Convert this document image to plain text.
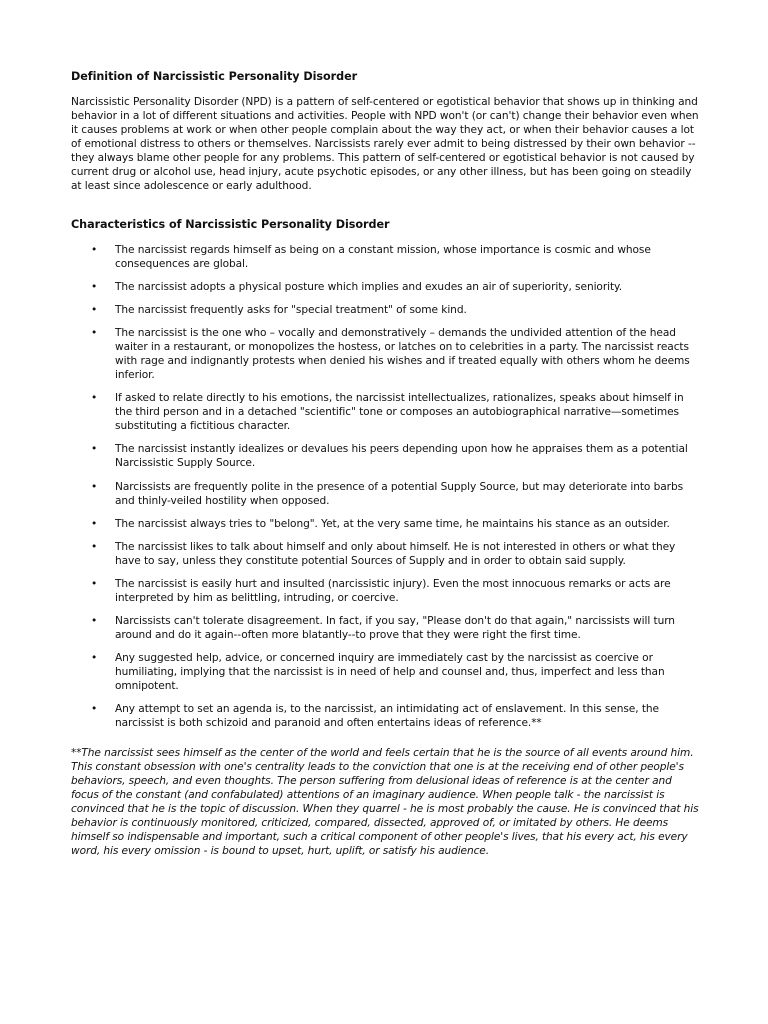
Definition of Narcissistic Personality Disorder

Narcissistic Personality Disorder (NPD) is a pattern of self-centered or egotistical behavior that shows up in thinking and behavior in a lot of different situations and activities. People with NPD won't (or can't) change their behavior even when it causes problems at work or when other people complain about the way they act, or when their behavior causes a lot of emotional distress to others or themselves. Narcissists rarely ever admit to being distressed by their own behavior -- they always blame other people for any problems. This pattern of self-centered or egotistical behavior is not caused by current drug or alcohol use, head injury, acute psychotic episodes, or any other illness, but has been going on steadily at least since adolescence or early adulthood.

Characteristics of Narcissistic Personality Disorder

• The narcissist regards himself as being on a constant mission, whose importance is cosmic and whose consequences are global.
• The narcissist adopts a physical posture which implies and exudes an air of superiority, seniority.
• The narcissist frequently asks for "special treatment" of some kind.
• The narcissist is the one who – vocally and demonstratively – demands the undivided attention of the head waiter in a restaurant, or monopolizes the hostess, or latches on to celebrities in a party. The narcissist reacts with rage and indignantly protests when denied his wishes and if treated equally with others whom he deems inferior.
• If asked to relate directly to his emotions, the narcissist intellectualizes, rationalizes, speaks about himself in the third person and in a detached "scientific" tone or composes an autobiographical narrative—sometimes substituting a fictitious character.
• The narcissist instantly idealizes or devalues his peers depending upon how he appraises them as a potential Narcissistic Supply Source.
• Narcissists are frequently polite in the presence of a potential Supply Source, but may deteriorate into barbs and thinly-veiled hostility when opposed.
• The narcissist always tries to "belong". Yet, at the very same time, he maintains his stance as an outsider.
• The narcissist likes to talk about himself and only about himself. He is not interested in others or what they have to say, unless they constitute potential Sources of Supply and in order to obtain said supply.
• The narcissist is easily hurt and insulted (narcissistic injury). Even the most innocuous remarks or acts are interpreted by him as belittling, intruding, or coercive.
• Narcissists can't tolerate disagreement. In fact, if you say, "Please don't do that again," narcissists will turn around and do it again--often more blatantly--to prove that they were right the first time.
• Any suggested help, advice, or concerned inquiry are immediately cast by the narcissist as coercive or humiliating, implying that the narcissist is in need of help and counsel and, thus, imperfect and less than omnipotent.
• Any attempt to set an agenda is, to the narcissist, an intimidating act of enslavement. In this sense, the narcissist is both schizoid and paranoid and often entertains ideas of reference.**

**The narcissist sees himself as the center of the world and feels certain that he is the source of all events around him. This constant obsession with one's centrality leads to the conviction that one is at the receiving end of other people's behaviors, speech, and even thoughts. The person suffering from delusional ideas of reference is at the center and focus of the constant (and confabulated) attentions of an imaginary audience. When people talk - the narcissist is convinced that he is the topic of discussion. When they quarrel - he is most probably the cause. He is convinced that his behavior is continuously monitored, criticized, compared, dissected, approved of, or imitated by others. He deems himself so indispensable and important, such a critical component of other people's lives, that his every act, his every word, his every omission - is bound to upset, hurt, uplift, or satisfy his audience.
